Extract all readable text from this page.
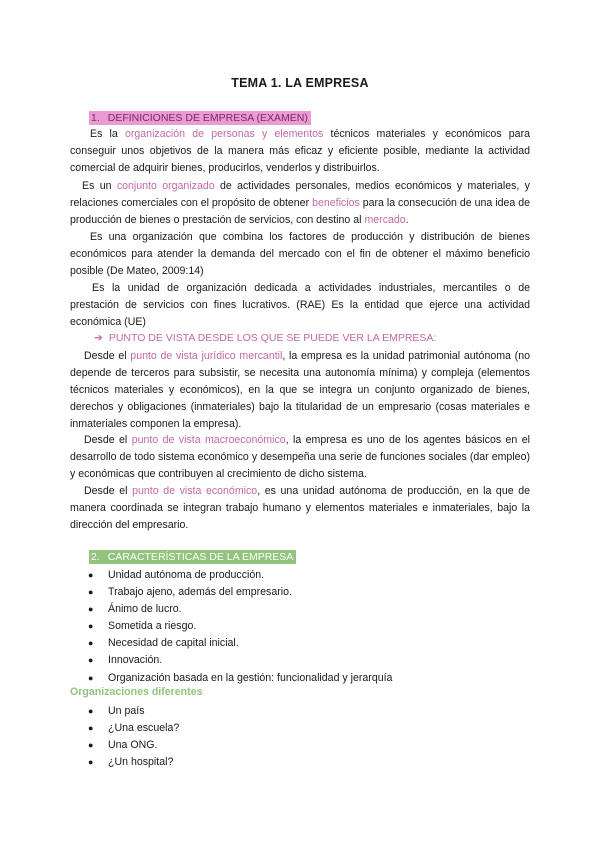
TEMA 1. LA EMPRESA
1. DEFINICIONES DE EMPRESA (EXAMEN)

Es la organización de personas y elementos técnicos materiales y económicos para conseguir unos objetivos de la manera más eficaz y eficiente posible, mediante la actividad comercial de adquirir bienes, producirlos, venderlos y distribuirlos.

Es un conjunto organizado de actividades personales, medios económicos y materiales, y relaciones comerciales con el propósito de obtener beneficios para la consecución de una idea de producción de bienes o prestación de servicios, con destino al mercado.

Es una organización que combina los factores de producción y distribución de bienes económicos para atender la demanda del mercado con el fin de obtener el máximo beneficio posible (De Mateo, 2009:14)

Es la unidad de organización dedicada a actividades industriales, mercantiles o de prestación de servicios con fines lucrativos. (RAE) Es la entidad que ejerce una actividad económica (UE)

➔ PUNTO DE VISTA DESDE LOS QUE SE PUEDE VER LA EMPRESA:

Desde el punto de vista jurídico mercantil, la empresa es la unidad patrimonial autónoma (no depende de terceros para subsistir, se necesita una autonomía mínima) y compleja (elementos técnicos materiales y económicos), en la que se integra un conjunto organizado de bienes, derechos y obligaciones (inmateriales) bajo la titularidad de un empresario (cosas materiales e inmateriales componen la empresa).

Desde el punto de vista macroeconómico, la empresa es uno de los agentes básicos en el desarrollo de todo sistema económico y desempeña una serie de funciones sociales (dar empleo) y económicas que contribuyen al crecimiento de dicho sistema.

Desde el punto de vista económico, es una unidad autónoma de producción, en la que de manera coordinada se integran trabajo humano y elementos materiales e inmateriales, bajo la dirección del empresario.

2. CARACTERÍSTICAS DE LA EMPRESA
● Unidad autónoma de producción.
● Trabajo ajeno, además del empresario.
● Ánimo de lucro.
● Sometida a riesgo.
● Necesidad de capital inicial.
● Innovación.
● Organización basada en la gestión: funcionalidad y jerarquía
Organizaciones diferentes
● Un país
● ¿Una escuela?
● Una ONG.
● ¿Un hospital?
